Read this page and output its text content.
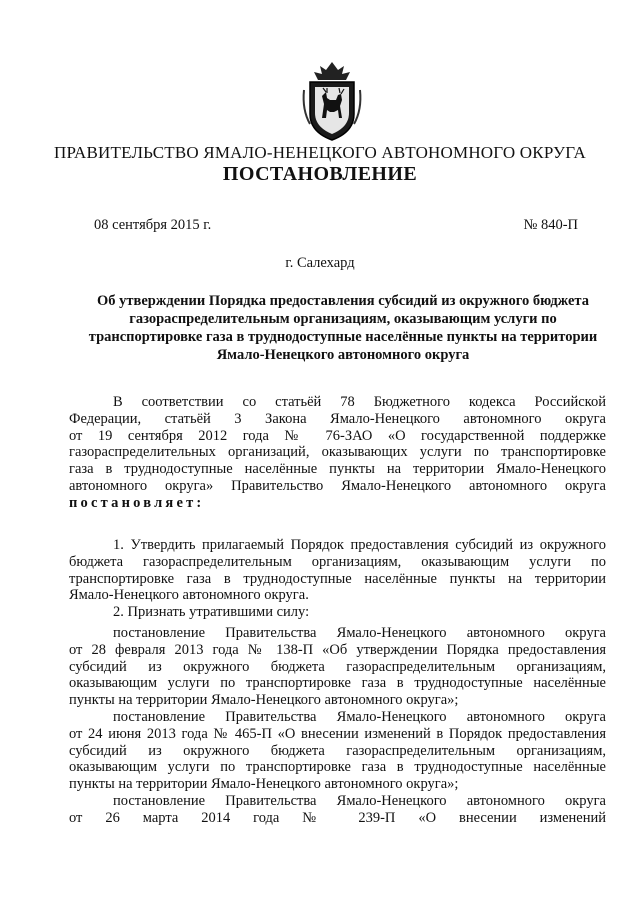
ПРАВИТЕЛЬСТВО ЯМАЛО-НЕНЕЦКОГО АВТОНОМНОГО ОКРУГА
ПОСТАНОВЛЕНИЕ
08 сентября 2015 г.	№ 840-П
г. Салехард
Об утверждении Порядка предоставления субсидий из окружного бюджета
газораспределительным организациям, оказывающим услуги по
транспортировке газа в труднодоступные населённые пункты на территории
Ямало-Ненецкого автономного округа
В соответствии со статьёй 78 Бюджетного кодекса Российской
Федерации, статьёй 3 Закона Ямало-Ненецкого автономного округа
от 19 сентября 2012 года № 76-ЗАО «О государственной поддержке
газораспределительных организаций, оказывающих услуги по транспортировке
газа в труднодоступные населённые пункты на территории Ямало-Ненецкого
автономного округа» Правительство Ямало-Ненецкого автономного округа
постановляет:
1. Утвердить прилагаемый Порядок предоставления субсидий из окружного
бюджета газораспределительным организациям, оказывающим услуги по
транспортировке газа в труднодоступные населённые пункты на территории
Ямало-Ненецкого автономного округа.
2. Признать утратившими силу:
постановление Правительства Ямало-Ненецкого автономного округа
от 28 февраля 2013 года № 138-П «Об утверждении Порядка предоставления
субсидий из окружного бюджета газораспределительным организациям,
оказывающим услуги по транспортировке газа в труднодоступные населённые
пункты на территории Ямало-Ненецкого автономного округа»;
постановление Правительства Ямало-Ненецкого автономного округа
от 24 июня 2013 года № 465-П «О внесении изменений в Порядок предоставления
субсидий из окружного бюджета газораспределительным организациям,
оказывающим услуги по транспортировке газа в труднодоступные населённые
пункты на территории Ямало-Ненецкого автономного округа»;
постановление Правительства Ямало-Ненецкого автономного округа
от 26 марта 2014 года № 239-П «О внесении изменений
